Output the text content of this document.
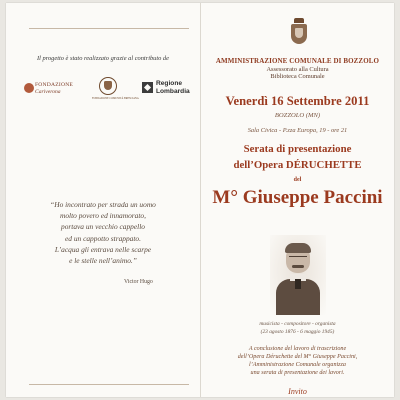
Il progetto è stato realizzato grazie al contributo de
FONDAZIONE
Cariverona
FONDAZIONE COMUNITÀ BRESCIANA
Regione
Lombardia
“Ho incontrato per strada un uomo
molto povero ed innamorato,
portava un vecchio cappello
ed un cappotto strappato.
L’acqua gli entrava nelle scarpe
e le stelle nell’animo.”
Victor Hugo
AMMINISTRAZIONE COMUNALE DI BOZZOLO
Assessorato alla Cultura
Biblioteca Comunale
Venerdì 16 Settembre 2011
BOZZOLO (MN)
Sala Civica - P.zza Europa, 19 - ore 21
Serata di presentazione
dell’Opera DÉRUCHETTE
del
M° Giuseppe Paccini
musicista - compositore - organista
(23 agosto 1876 - 6 maggio 1945)
A conclusione del lavoro di trascrizione
dell’Opera Déruchette del M° Giuseppe Paccini,
l’Amministrazione Comunale organizza
una serata di presentazione dei lavori.
Invito
